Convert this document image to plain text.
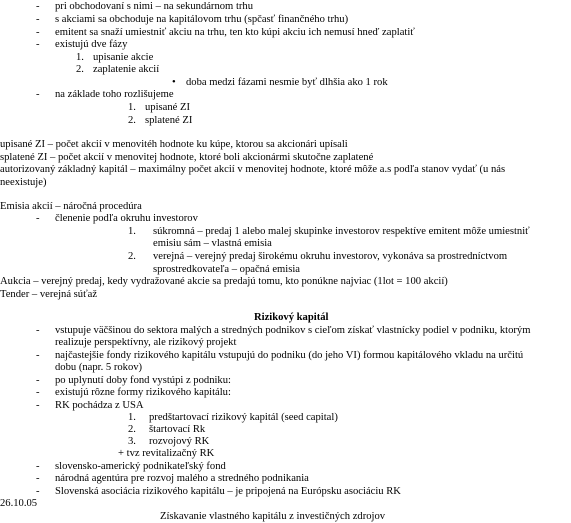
- pri obchodovaní s nimi – na sekundárnom trhu
- s akciami sa obchoduje na kapitálovom trhu (spčasť finančného trhu)
- emitent sa snaží umiestniť akciu na trhu, ten kto kúpi akciu ich nemusí hneď zaplatiť
- existujú dve fázy
1. upisanie akcie
2. zaplatenie akcií
• doba medzi fázami nesmie byť dlhšia ako 1 rok
- na základe toho rozlišujeme
1. upisané ZI
2. splatené ZI
upisané ZI – počet akcií v menovitéh hodnote ku kúpe, ktorou sa akcionári upísali
splatené ZI – počet akcií v menovitej hodnote, ktoré boli akcionármi skutočne zaplatené
autorizovaný základný kapitál – maximálny počet akcií v menovitej hodnote, ktoré môže a.s podľa stanov vydať (u nás
neexistuje)
Emisia akcií – náročná procedúra
- členenie podľa okruhu investorov
1. súkromná – predaj 1 alebo malej skupinke investorov respektíve emitent môže umiestniť
emisiu sám – vlastná emisia
2. verejná – verejný predaj širokému okruhu investorov, vykonáva sa prostredníctvom
sprostredkovateľa – opačná emisia
Aukcia – verejný predaj, kedy vydražované akcie sa predajú tomu, kto ponúkne najviac (1lot = 100 akcií)
Tender – verejná súťaž
Rizikový kapitál
- vstupuje väčšinou do sektora malých a stredných podnikov s cieľom získať vlastnícky podiel v podniku, ktorým
realizuje perspektívny, ale rizikový projekt
- najčastejšie fondy rizikového kapitálu vstupujú do podniku (do jeho VI) formou kapitálového vkladu na určitú
dobu (napr. 5 rokov)
- po uplynutí doby fond vystúpi z podniku:
- existujú rôzne formy rizikového kapitálu:
- RK pochádza z USA
1. predštartovací rizikový kapitál (seed capital)
2. štartovací Rk
3. rozvojový RK
+ tvz revitalizačný RK
- slovensko-americký podnikateľský fond
- národná agentúra pre rozvoj malého a stredného podnikania
- Slovenská asociácia rizikového kapitálu – je pripojená na Európsku asociáciu RK
26.10.05
Získavanie vlastného kapitálu z investičných zdrojov
